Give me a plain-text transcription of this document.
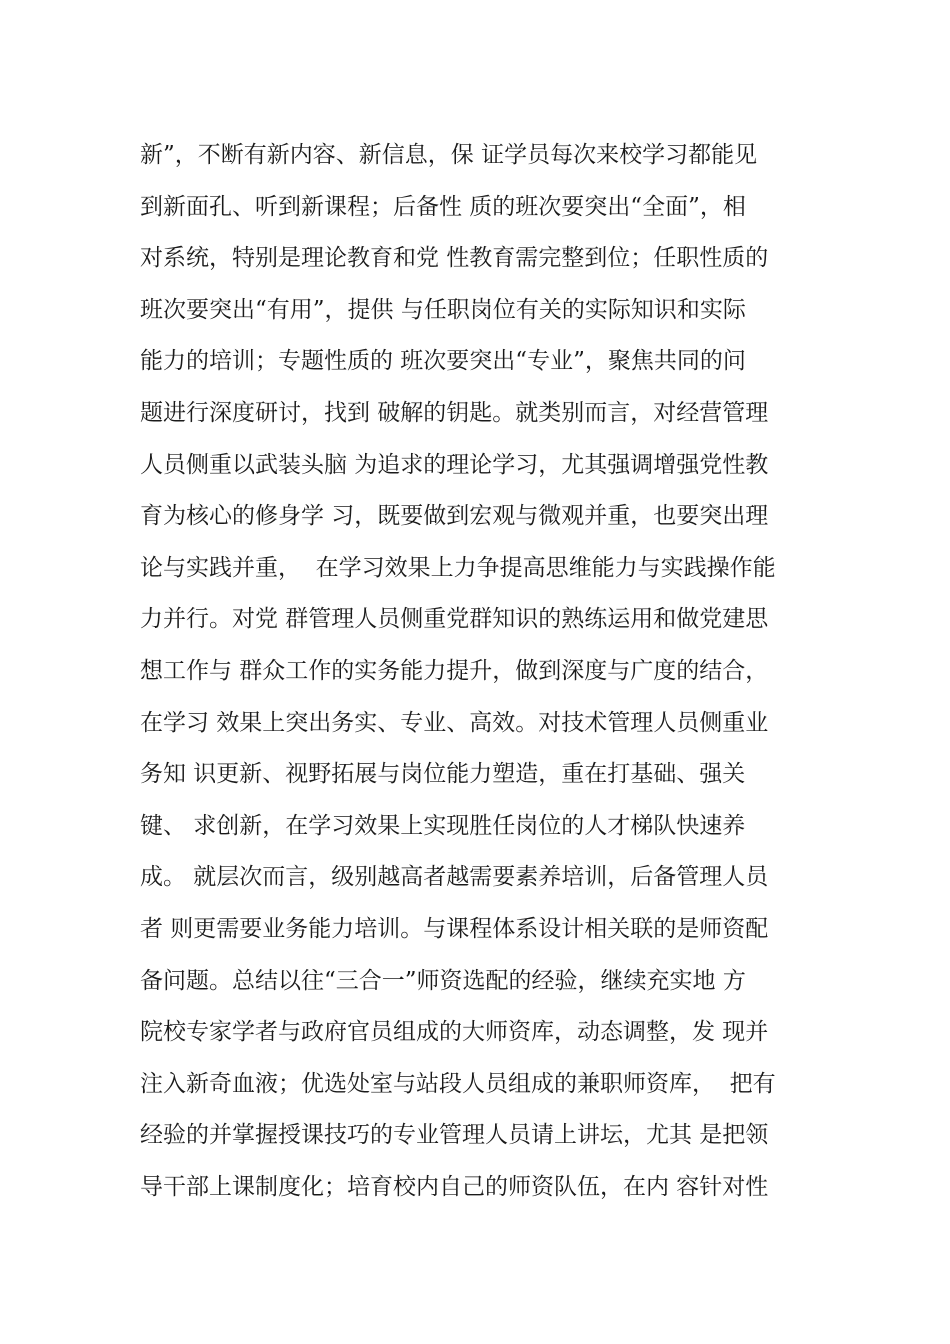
新”，不断有新内容、新信息，保 证学员每次来校学习都能见
到新面孔、听到新课程；后备性 质的班次要突出“全面”，相
对系统，特别是理论教育和党 性教育需完整到位；任职性质的
班次要突出“有用”，提供 与任职岗位有关的实际知识和实际
能力的培训；专题性质的 班次要突出“专业”，聚焦共同的问
题进行深度研讨，找到 破解的钥匙。就类别而言，对经营管理
人员侧重以武装头脑 为追求的理论学习，尤其强调增强党性教
育为核心的修身学 习，既要做到宏观与微观并重，也要突出理
论与实践并重，  在学习效果上力争提高思维能力与实践操作能
力并行。对党 群管理人员侧重党群知识的熟练运用和做党建思
想工作与 群众工作的实务能力提升，做到深度与广度的结合，
在学习 效果上突出务实、专业、高效。对技术管理人员侧重业
务知 识更新、视野拓展与岗位能力塑造，重在打基础、强关
键、 求创新，在学习效果上实现胜任岗位的人才梯队快速养
成。 就层次而言，级别越高者越需要素养培训，后备管理人员
者 则更需要业务能力培训。与课程体系设计相关联的是师资配
备问题。总结以往“三合一”师资选配的经验，继续充实地 方
院校专家学者与政府官员组成的大师资库，动态调整，发 现并
注入新奇血液；优选处室与站段人员组成的兼职师资库，  把有
经验的并掌握授课技巧的专业管理人员请上讲坛，尤其 是把领
导干部上课制度化；培育校内自己的师资队伍，在内 容针对性
